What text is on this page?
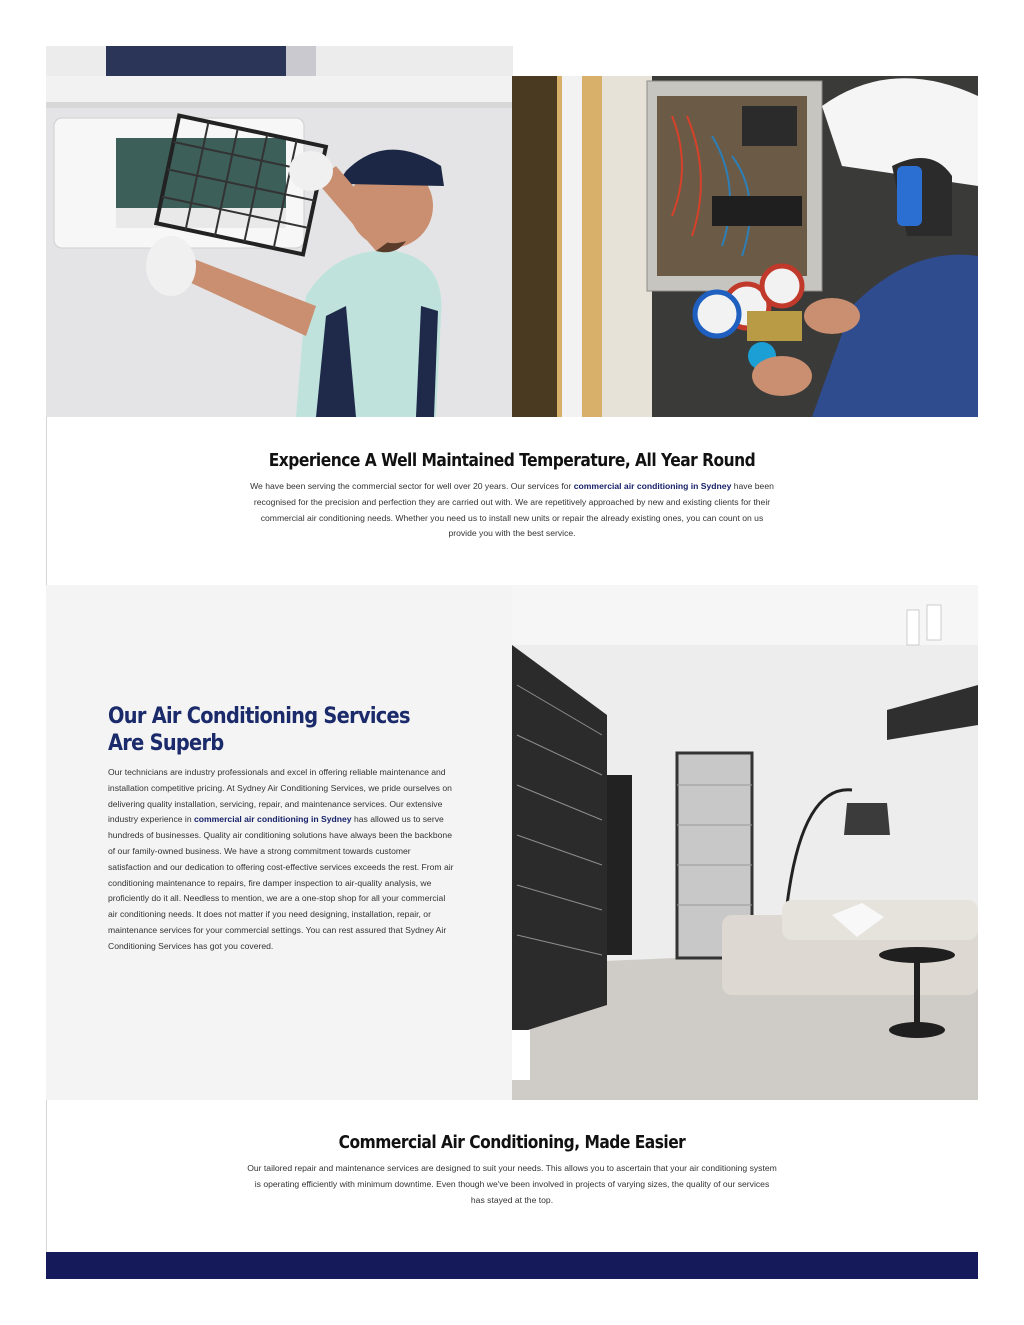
Experience A Well Maintained Temperature, All Year Round

We have been serving the commercial sector for well over 20 years. Our services for commercial air conditioning in Sydney have been recognised for the precision and perfection they are carried out with. We are repetitively approached by new and existing clients for their commercial air conditioning needs. Whether you need us to install new units or repair the already existing ones, you can count on us provide you with the best service.

Our Air Conditioning Services Are Superb

Our technicians are industry professionals and excel in offering reliable maintenance and installation competitive pricing. At Sydney Air Conditioning Services, we pride ourselves on delivering quality installation, servicing, repair, and maintenance services. Our extensive industry experience in commercial air conditioning in Sydney has allowed us to serve hundreds of businesses. Quality air conditioning solutions have always been the backbone of our family-owned business. We have a strong commitment towards customer satisfaction and our dedication to offering cost-effective services exceeds the rest. From air conditioning maintenance to repairs, fire damper inspection to air-quality analysis, we proficiently do it all. Needless to mention, we are a one-stop shop for all your commercial air conditioning needs. It does not matter if you need designing, installation, repair, or maintenance services for your commercial settings. You can rest assured that Sydney Air Conditioning Services has got you covered.

Commercial Air Conditioning, Made Easier

Our tailored repair and maintenance services are designed to suit your needs. This allows you to ascertain that your air conditioning system is operating efficiently with minimum downtime. Even though we've been involved in projects of varying sizes, the quality of our services has stayed at the top.
